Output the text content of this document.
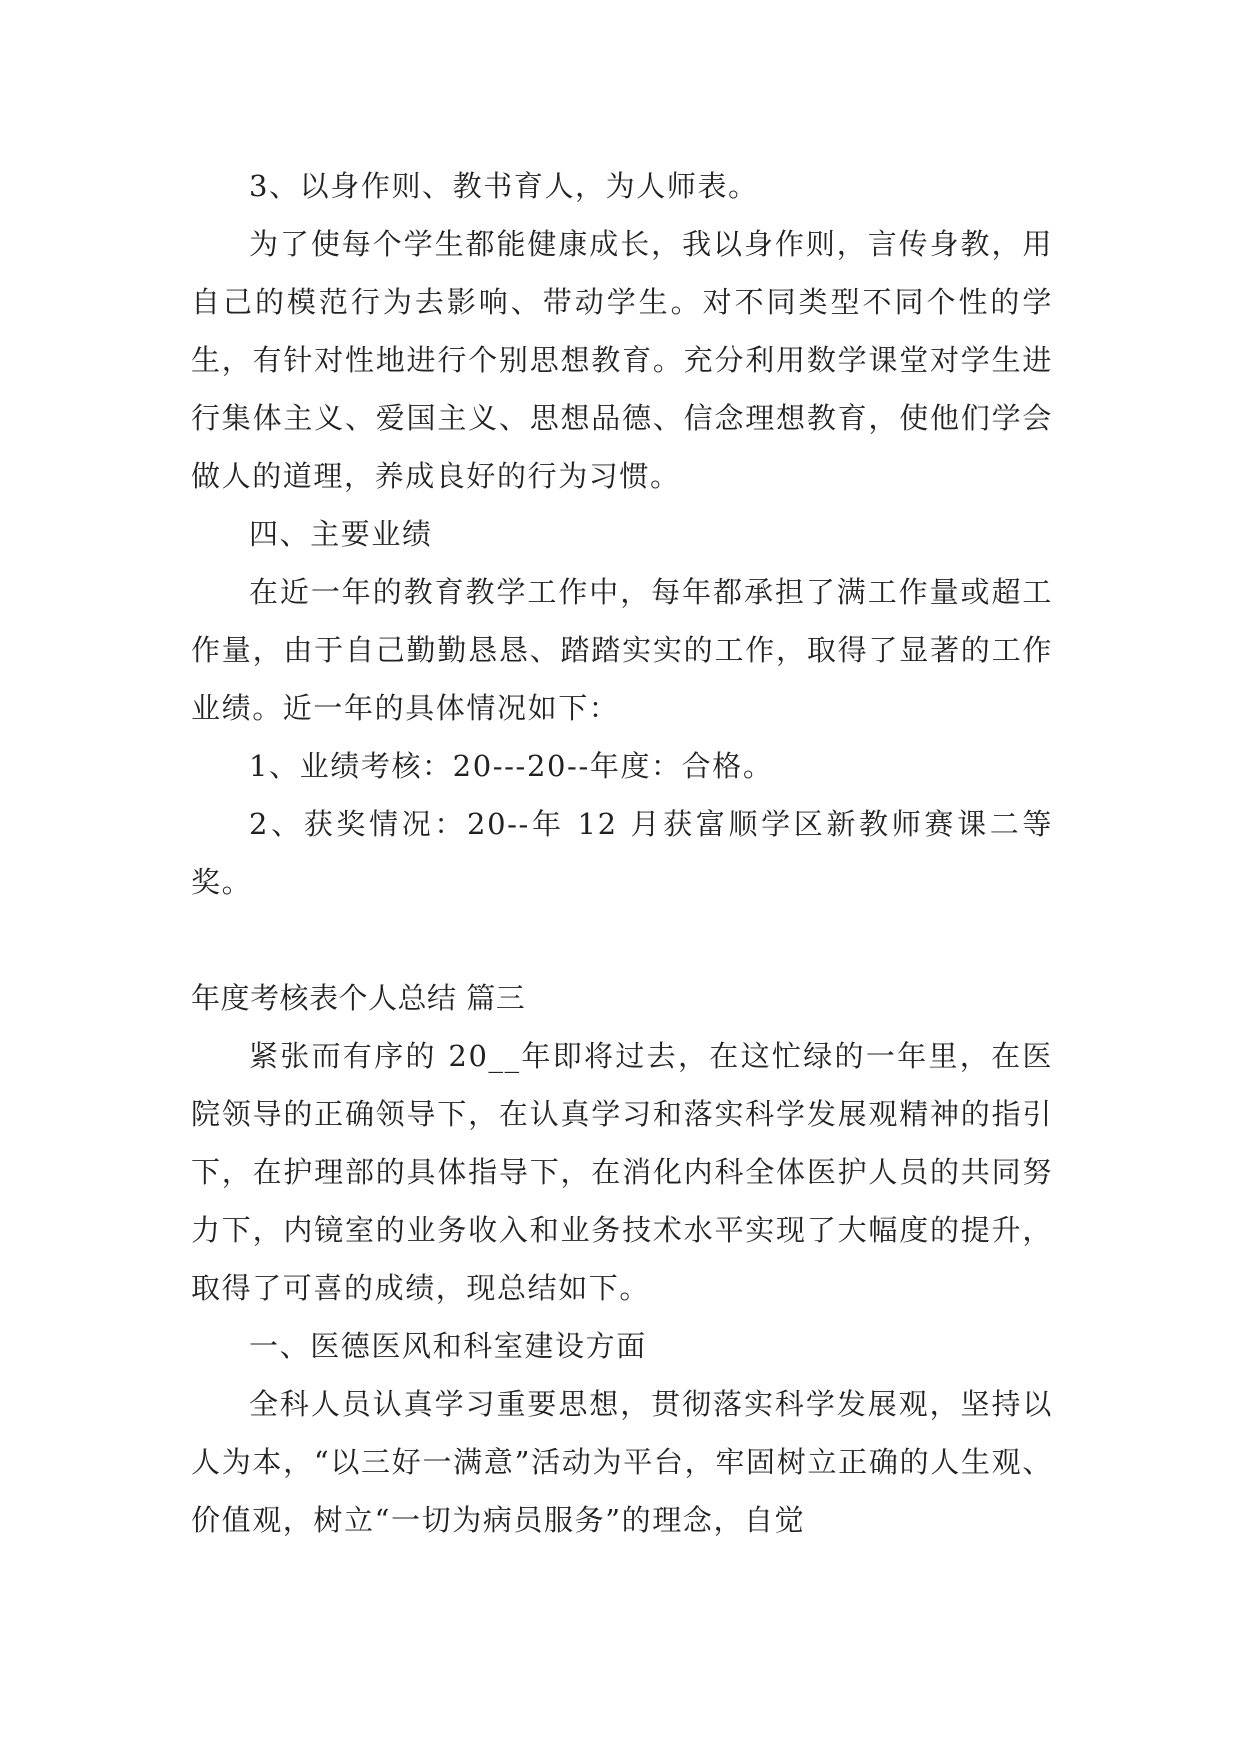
3、以身作则、教书育人，为人师表。

为了使每个学生都能健康成长，我以身作则，言传身教，用自己的模范行为去影响、带动学生。对不同类型不同个性的学生，有针对性地进行个别思想教育。充分利用数学课堂对学生进行集体主义、爱国主义、思想品德、信念理想教育，使他们学会做人的道理，养成良好的行为习惯。

四、主要业绩

在近一年的教育教学工作中，每年都承担了满工作量或超工作量，由于自己勤勤恳恳、踏踏实实的工作，取得了显著的工作业绩。近一年的具体情况如下：

1、业绩考核：20---20--年度：合格。

2、获奖情况：20--年 12 月获富顺学区新教师赛课二等奖。

年度考核表个人总结 篇三

紧张而有序的 20__年即将过去，在这忙绿的一年里，在医院领导的正确领导下，在认真学习和落实科学发展观精神的指引下，在护理部的具体指导下，在消化内科全体医护人员的共同努力下，内镜室的业务收入和业务技术水平实现了大幅度的提升，取得了可喜的成绩，现总结如下。

一、医德医风和科室建设方面

全科人员认真学习重要思想，贯彻落实科学发展观，坚持以人为本，“以三好一满意”活动为平台，牢固树立正确的人生观、价值观，树立“一切为病员服务”的理念，自觉
